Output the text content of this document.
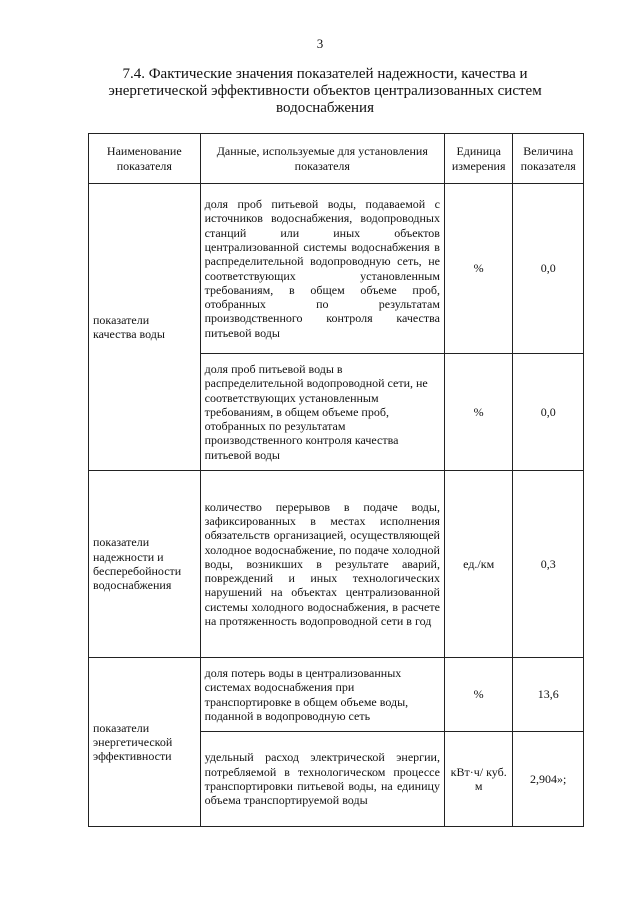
3
7.4. Фактические значения показателей надежности, качества и энергетической эффективности объектов централизованных систем водоснабжения
Наименование показателя	Данные, используемые для установления показателя	Единица измерения	Величина показателя
показатели качества воды	доля проб питьевой воды, подаваемой с источников водоснабжения, водопроводных станций или иных объектов централизованной системы водоснабжения в распределительной водопроводную сеть, не соответствующих установленным требованиям, в общем объеме проб, отобранных по результатам производственного контроля качества питьевой воды	%	0,0
	доля проб питьевой воды в распределительной водопроводной сети, не соответствующих установленным требованиям, в общем объеме проб, отобранных по результатам производственного контроля качества питьевой воды	%	0,0
показатели надежности и бесперебойности водоснабжения	количество перерывов в подаче воды, зафиксированных в местах исполнения обязательств организацией, осуществляющей холодное водоснабжение, по подаче холодной воды, возникших в результате аварий, повреждений и иных технологических нарушений на объектах централизованной системы холодного водоснабжения, в расчете на протяженность водопроводной сети в год	ед./км	0,3
показатели энергетической эффективности	доля потерь воды в централизованных системах водоснабжения при транспортировке в общем объеме воды, поданной в водопроводную сеть	%	13,6
	удельный расход электрической энергии, потребляемой в технологическом процессе транспортировки питьевой воды, на единицу объема транспортируемой воды	кВт·ч/ куб. м	2,904»;
